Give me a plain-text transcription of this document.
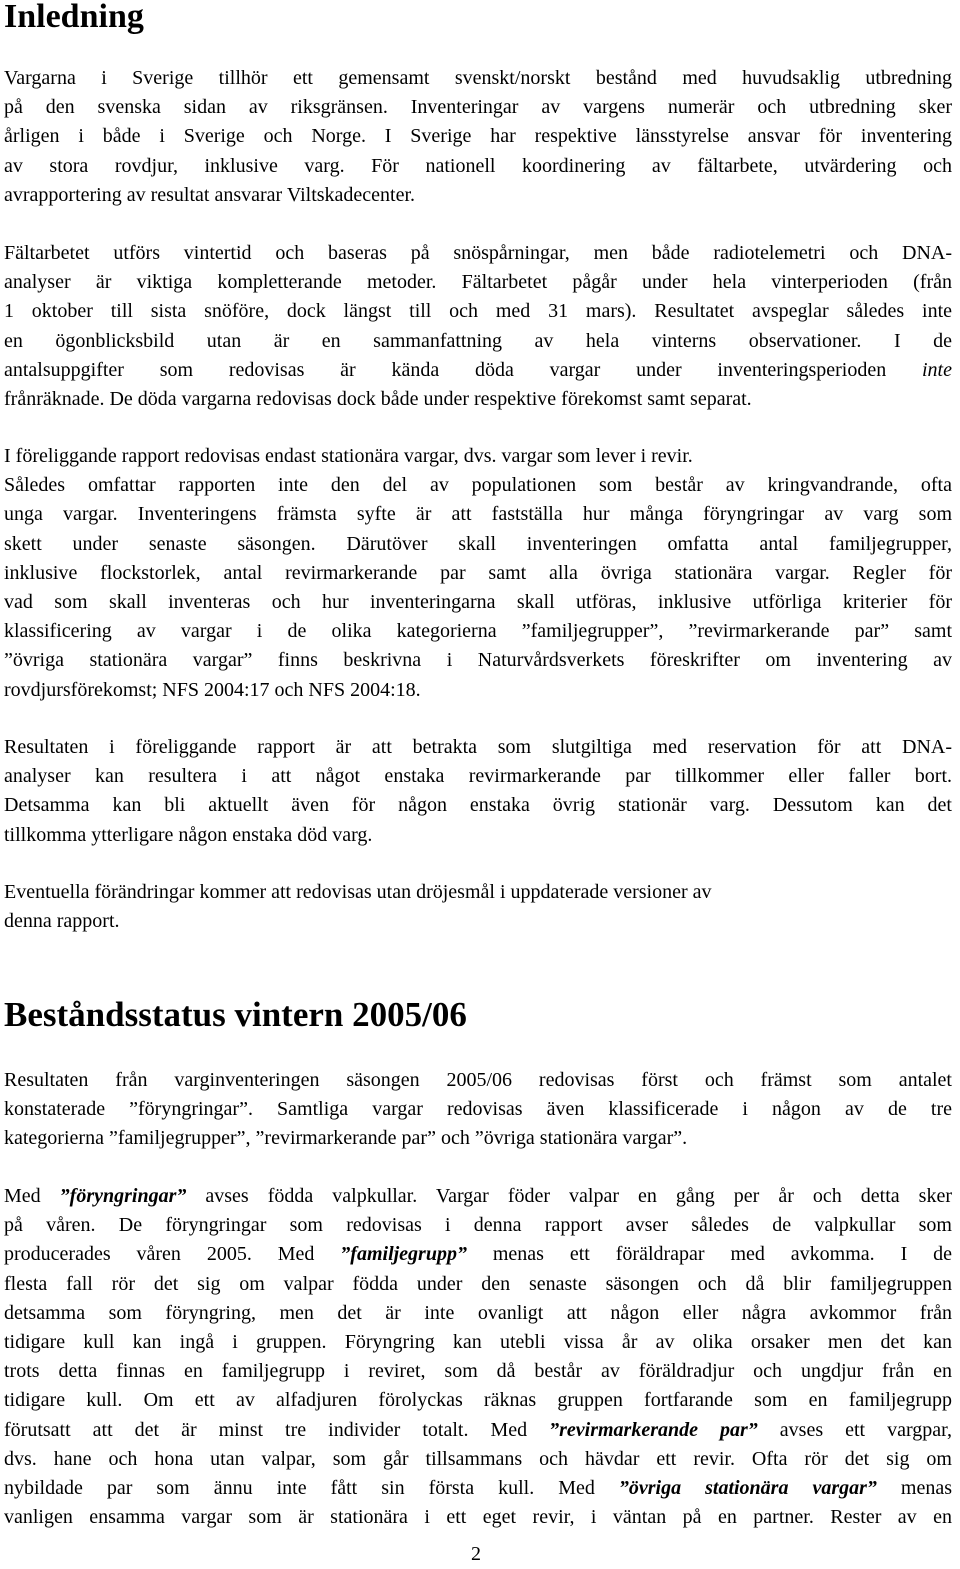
Inledning

Vargarna i Sverige tillhör ett gemensamt svenskt/norskt bestånd med huvudsaklig utbredning
på den svenska sidan av riksgränsen. Inventeringar av vargens numerär och utbredning sker
årligen i både i Sverige och Norge. I Sverige har respektive länsstyrelse ansvar för inventering
av stora rovdjur, inklusive varg. För nationell koordinering av fältarbete, utvärdering och
avrapportering av resultat ansvarar Viltskadecenter.

Fältarbetet utförs vintertid och baseras på snöspårningar, men både radiotelemetri och DNA-
analyser är viktiga kompletterande metoder. Fältarbetet pågår under hela vinterperioden (från
1 oktober till sista snöföre, dock längst till och med 31 mars). Resultatet avspeglar således inte
en ögonblicksbild utan är en sammanfattning av hela vinterns observationer. I de
antalsuppgifter som redovisas är kända döda vargar under inventeringsperioden inte
frånräknade. De döda vargarna redovisas dock både under respektive förekomst samt separat.

I föreliggande rapport redovisas endast stationära vargar, dvs. vargar som lever i revir.
Således omfattar rapporten inte den del av populationen som består av kringvandrande, ofta
unga vargar. Inventeringens främsta syfte är att fastställa hur många föryngringar av varg som
skett under senaste säsongen. Därutöver skall inventeringen omfatta antal familjegrupper,
inklusive flockstorlek, antal revirmarkerande par samt alla övriga stationära vargar. Regler för
vad som skall inventeras och hur inventeringarna skall utföras, inklusive utförliga kriterier för
klassificering av vargar i de olika kategorierna ”familjegrupper”, ”revirmarkerande par” samt
”övriga stationära vargar” finns beskrivna i Naturvårdsverkets föreskrifter om inventering av
rovdjursförekomst; NFS 2004:17 och NFS 2004:18.

Resultaten i föreliggande rapport är att betrakta som slutgiltiga med reservation för att DNA-
analyser kan resultera i att något enstaka revirmarkerande par tillkommer eller faller bort.
Detsamma kan bli aktuellt även för någon enstaka övrig stationär varg. Dessutom kan det
tillkomma ytterligare någon enstaka död varg.

Eventuella förändringar kommer att redovisas utan dröjesmål i uppdaterade versioner av
denna rapport.

Beståndsstatus vintern 2005/06

Resultaten från varginventeringen säsongen 2005/06 redovisas först och främst som antalet
konstaterade ”föryngringar”. Samtliga vargar redovisas även klassificerade i någon av de tre
kategorierna ”familjegrupper”, ”revirmarkerande par” och ”övriga stationära vargar”.

Med ”föryngringar” avses födda valpkullar. Vargar föder valpar en gång per år och detta sker
på våren. De föryngringar som redovisas i denna rapport avser således de valpkullar som
producerades våren 2005. Med ”familjegrupp” menas ett föräldrapar med avkomma. I de
flesta fall rör det sig om valpar födda under den senaste säsongen och då blir familjegruppen
detsamma som föryngring, men det är inte ovanligt att någon eller några avkommor från
tidigare kull kan ingå i gruppen. Föryngring kan utebli vissa år av olika orsaker men det kan
trots detta finnas en familjegrupp i reviret, som då består av föräldradjur och ungdjur från en
tidigare kull. Om ett av alfadjuren förolyckas räknas gruppen fortfarande som en familjegrupp
förutsatt att det är minst tre individer totalt. Med ”revirmarkerande par” avses ett vargpar,
dvs. hane och hona utan valpar, som går tillsammans och hävdar ett revir. Ofta rör det sig om
nybildade par som ännu inte fått sin första kull. Med ”övriga stationära vargar” menas
vanligen ensamma vargar som är stationära i ett eget revir, i väntan på en partner. Rester av en

2
